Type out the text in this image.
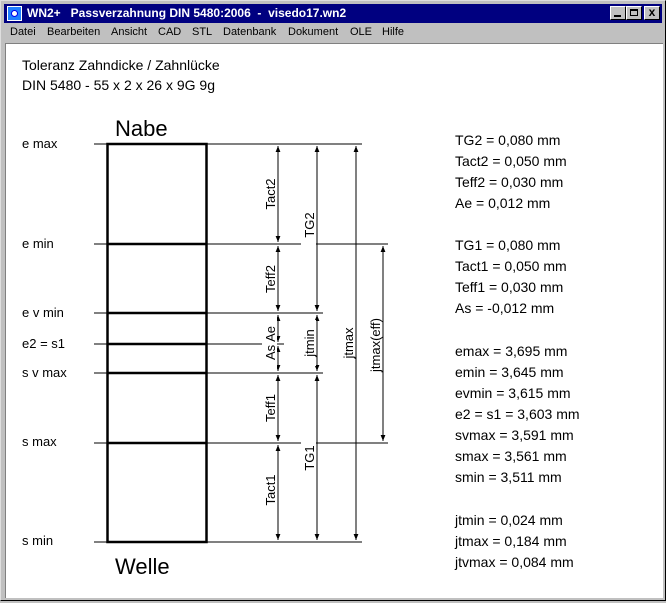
WN2+   Passverzahnung DIN 5480:2006  -  visedo17.wn2	x
Datei Bearbeiten Ansicht CAD STL Datenbank Dokument OLE Hilfe
Toleranz Zahndicke / Zahnlücke
DIN 5480 - 55 x 2 x 26 x 9G 9g
Nabe
Welle
e max
e min
e v min
e2 = s1
s v max
s max
s min
Tact2
TG2
Teff2
As Ae jtmin jtmax jtmax(eff)
Teff1
TG1
Tact1
TG2 = 0,080 mm
Tact2 = 0,050 mm
Teff2 = 0,030 mm
Ae = 0,012 mm
TG1 = 0,080 mm
Tact1 = 0,050 mm
Teff1 = 0,030 mm
As = -0,012 mm
emax = 3,695 mm
emin = 3,645 mm
evmin = 3,615 mm
e2 = s1 = 3,603 mm
svmax = 3,591 mm
smax = 3,561 mm
smin = 3,511 mm
jtmin = 0,024 mm
jtmax = 0,184 mm
jtvmax = 0,084 mm
